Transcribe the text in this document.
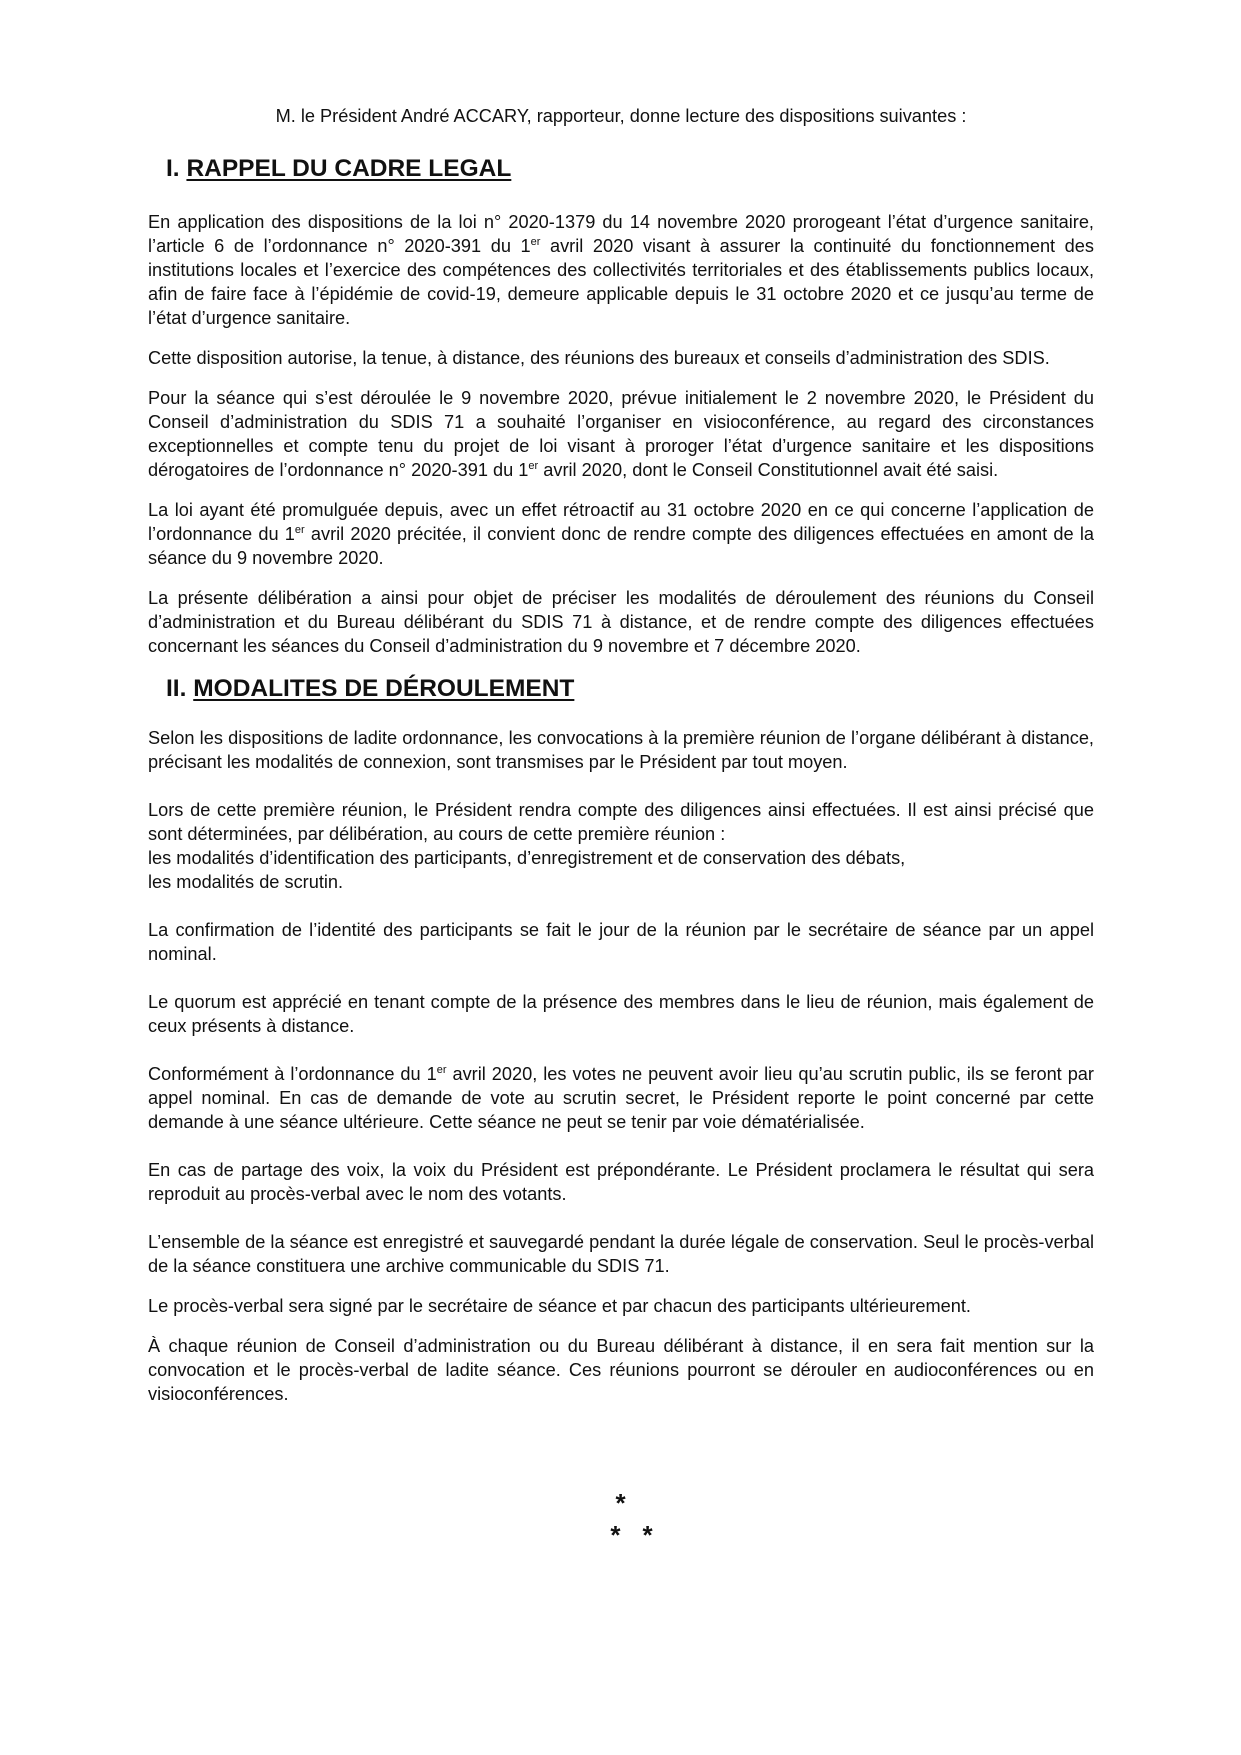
M. le Président André ACCARY, rapporteur, donne lecture des dispositions suivantes :

I. RAPPEL DU CADRE LEGAL

En application des dispositions de la loi n° 2020-1379 du 14 novembre 2020 prorogeant l’état d’urgence sanitaire, l’article 6 de l’ordonnance n° 2020-391 du 1er avril 2020 visant à assurer la continuité du fonctionnement des institutions locales et l’exercice des compétences des collectivités territoriales et des établissements publics locaux, afin de faire face à l’épidémie de covid-19, demeure applicable depuis le 31 octobre 2020 et ce jusqu’au terme de l’état d’urgence sanitaire.

Cette disposition autorise, la tenue, à distance, des réunions des bureaux et conseils d’administration des SDIS.

Pour la séance qui s’est déroulée le 9 novembre 2020, prévue initialement le 2 novembre 2020, le Président du Conseil d’administration du SDIS 71 a souhaité l’organiser en visioconférence, au regard des circonstances exceptionnelles et compte tenu du projet de loi visant à proroger l’état d’urgence sanitaire et les dispositions dérogatoires de l’ordonnance n° 2020-391 du 1er avril 2020, dont le Conseil Constitutionnel avait été saisi.

La loi ayant été promulguée depuis, avec un effet rétroactif au 31 octobre 2020 en ce qui concerne l’application de l’ordonnance du 1er avril 2020 précitée, il convient donc de rendre compte des diligences effectuées en amont de la séance du 9 novembre 2020.

La présente délibération a ainsi pour objet de préciser les modalités de déroulement des réunions du Conseil d’administration et du Bureau délibérant du SDIS 71 à distance, et de rendre compte des diligences effectuées concernant les séances du Conseil d’administration du 9 novembre et 7 décembre 2020.

II. MODALITES DE DÉROULEMENT

Selon les dispositions de ladite ordonnance, les convocations à la première réunion de l’organe délibérant à distance, précisant les modalités de connexion, sont transmises par le Président par tout moyen.

Lors de cette première réunion, le Président rendra compte des diligences ainsi effectuées. Il est ainsi précisé que sont déterminées, par délibération, au cours de cette première réunion :
les modalités d’identification des participants, d’enregistrement et de conservation des débats,
les modalités de scrutin.

La confirmation de l’identité des participants se fait le jour de la réunion par le secrétaire de séance par un appel nominal.

Le quorum est apprécié en tenant compte de la présence des membres dans le lieu de réunion, mais également de ceux présents à distance.

Conformément à l’ordonnance du 1er avril 2020, les votes ne peuvent avoir lieu qu’au scrutin public, ils se feront par appel nominal. En cas de demande de vote au scrutin secret, le Président reporte le point concerné par cette demande à une séance ultérieure. Cette séance ne peut se tenir par voie dématérialisée.

En cas de partage des voix, la voix du Président est prépondérante. Le Président proclamera le résultat qui sera reproduit au procès-verbal avec le nom des votants.

L’ensemble de la séance est enregistré et sauvegardé pendant la durée légale de conservation. Seul le procès-verbal de la séance constituera une archive communicable du SDIS 71.

Le procès-verbal sera signé par le secrétaire de séance et par chacun des participants ultérieurement.

À chaque réunion de Conseil d’administration ou du Bureau délibérant à distance, il en sera fait mention sur la convocation et le procès-verbal de ladite séance. Ces réunions pourront se dérouler en audioconférences ou en visioconférences.

*
**
